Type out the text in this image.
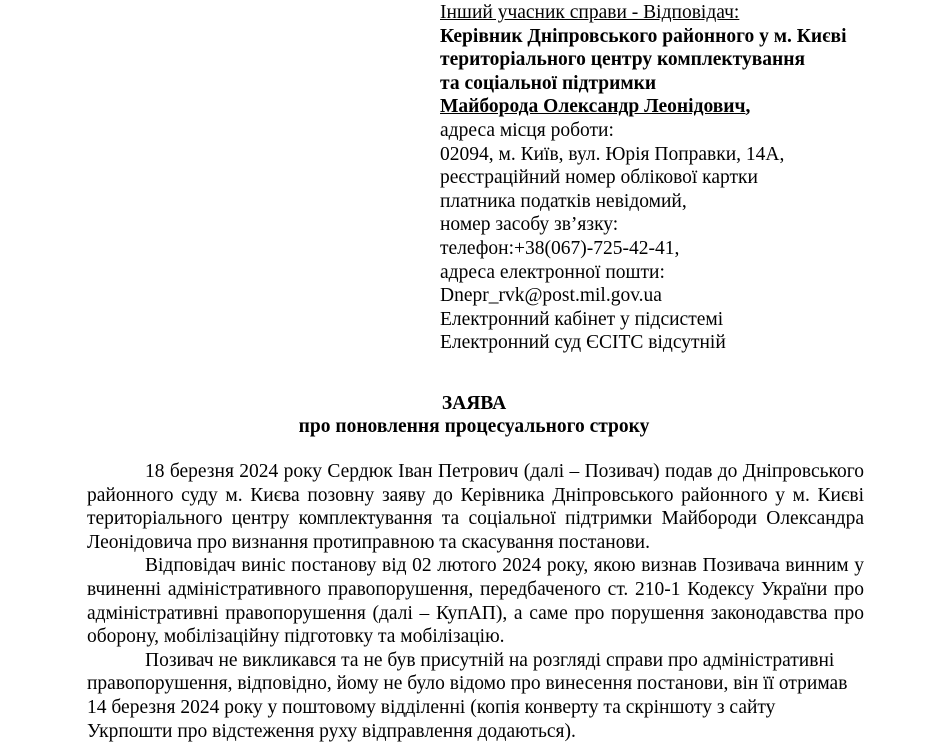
Інший учасник справи - Відповідач:
Керівник Дніпровського районного у м. Києві
територіального центру комплектування
та соціальної підтримки
Майборода Олександр Леонідович,
адреса місця роботи:
02094, м. Київ, вул. Юрія Поправки, 14А,
реєстраційний номер облікової картки
платника податків невідомий,
номер засобу зв’язку:
телефон:+38(067)-725-42-41,
адреса електронної пошти:
Dnepr_rvk@post.mil.gov.ua
Електронний кабінет у підсистемі
Електронний суд ЄСІТС відсутній
ЗАЯВА
про поновлення процесуального строку

18 березня 2024 року Сердюк Іван Петрович (далі – Позивач) подав до Дніпровського районного суду м. Києва позовну заяву до Керівника Дніпровського районного у м. Києві територіального центру комплектування та соціальної підтримки Майбороди Олександра Леонідовича про визнання протиправною та скасування постанови.

Відповідач виніс постанову від 02 лютого 2024 року, якою визнав Позивача винним у вчиненні адміністративного правопорушення, передбаченого ст. 210-1 Кодексу України про адміністративні правопорушення (далі – КупАП), а саме про порушення законодавства про оборону, мобілізаційну підготовку та мобілізацію.

Позивач не викликався та не був присутній на розгляді справи про адміністративні правопорушення, відповідно, йому не було відомо про винесення постанови, він її отримав 14 березня 2024 року у поштовому відділенні (копія конверту та скріншоту з сайту Укрпошти про відстеження руху відправлення додаються).
